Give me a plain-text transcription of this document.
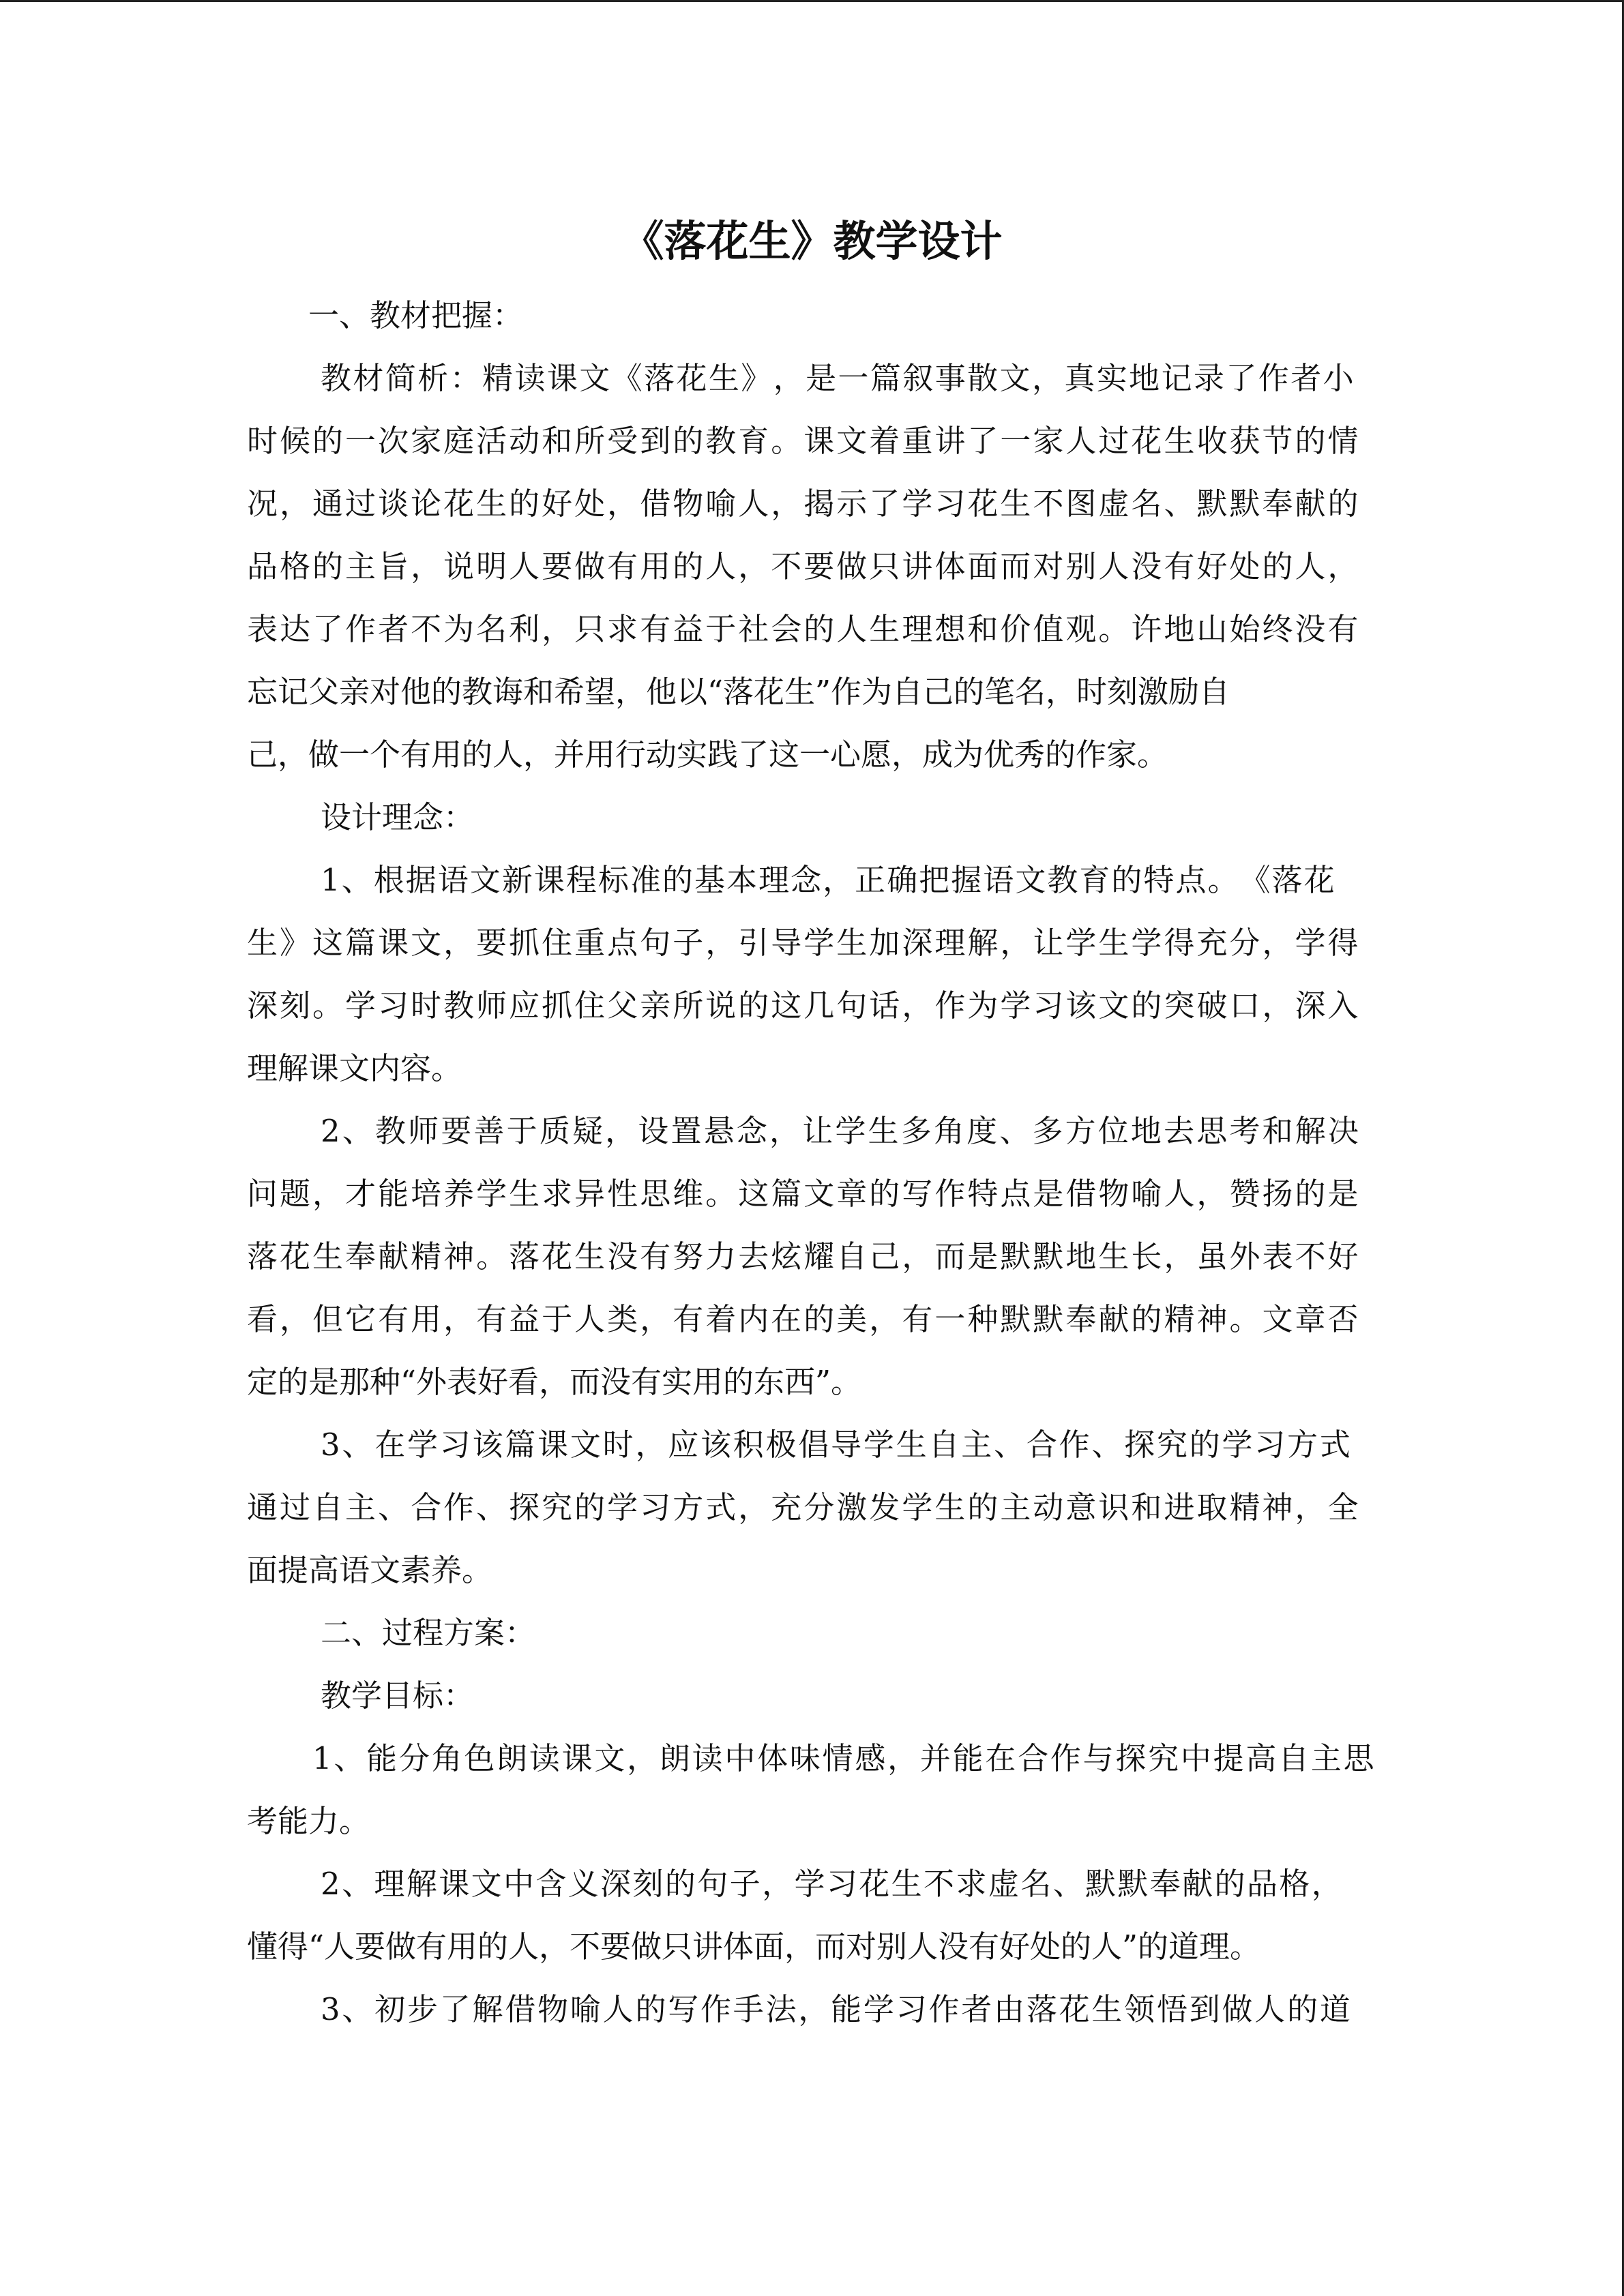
《落花生》教学设计
一、教材把握：
教 材 简 析 ： 精 读 课 文 《 落 花 生 》 ， 是 一 篇 叙 事 散 文 ， 真 实 地 记 录 了 作 者 小
时 候 的 一 次 家 庭 活 动 和 所 受 到 的 教 育 。 课 文 着 重 讲 了 一 家 人 过 花 生 收 获 节 的 情
况 ， 通 过 谈 论 花 生 的 好 处 ， 借 物 喻 人 ， 揭 示 了 学 习 花 生 不 图 虚 名 、 默 默 奉 献 的
品 格 的 主 旨 ， 说 明 人 要 做 有 用 的 人 ， 不 要 做 只 讲 体 面 而 对 别 人 没 有 好 处 的 人 ，
表 达 了 作 者 不 为 名 利 ， 只 求 有 益 于 社 会 的 人 生 理 想 和 价 值 观 。 许 地 山 始 终 没 有
忘记父亲对他的教诲和希望，他以“落花生”作为自己的笔名，时刻激励自
己，做一个有用的人，并用行动实践了这一心愿，成为优秀的作家。
设计理念：
1 、 根 据 语 文 新 课 程 标 准 的 基 本 理 念 ， 正 确 把 握 语 文 教 育 的 特 点 。 《 落 花
生 》 这 篇 课 文 ， 要 抓 住 重 点 句 子 ， 引 导 学 生 加 深 理 解 ， 让 学 生 学 得 充 分 ， 学 得
深 刻 。 学 习 时 教 师 应 抓 住 父 亲 所 说 的 这 几 句 话 ， 作 为 学 习 该 文 的 突 破 口 ， 深 入
理解课文内容。
2 、 教 师 要 善 于 质 疑 ， 设 置 悬 念 ， 让 学 生 多 角 度 、 多 方 位 地 去 思 考 和 解 决
问 题 ， 才 能 培 养 学 生 求 异 性 思 维 。 这 篇 文 章 的 写 作 特 点 是 借 物 喻 人 ， 赞 扬 的 是
落 花 生 奉 献 精 神 。 落 花 生 没 有 努 力 去 炫 耀 自 己 ， 而 是 默 默 地 生 长 ， 虽 外 表 不 好
看 ， 但 它 有 用 ， 有 益 于 人 类 ， 有 着 内 在 的 美 ， 有 一 种 默 默 奉 献 的 精 神 。 文 章 否
定的是那种“外表好看，而没有实用的东西”。
3 、 在 学 习 该 篇 课 文 时 ， 应 该 积 极 倡 导 学 生 自 主 、 合 作 、 探 究 的 学 习 方 式
通 过 自 主 、 合 作 、 探 究 的 学 习 方 式 ， 充 分 激 发 学 生 的 主 动 意 识 和 进 取 精 神 ， 全
面提高语文素养。
二、过程方案：
教学目标：
1 、 能 分 角 色 朗 读 课 文 ， 朗 读 中 体 味 情 感 ， 并 能 在 合 作 与 探 究 中 提 高 自 主 思
考能力。
2 、 理 解 课 文 中 含 义 深 刻 的 句 子 ， 学 习 花 生 不 求 虚 名 、 默 默 奉 献 的 品 格 ，
懂得“人要做有用的人，不要做只讲体面，而对别人没有好处的人”的道理。
3 、 初 步 了 解 借 物 喻 人 的 写 作 手 法 ， 能 学 习 作 者 由 落 花 生 领 悟 到 做 人 的 道
